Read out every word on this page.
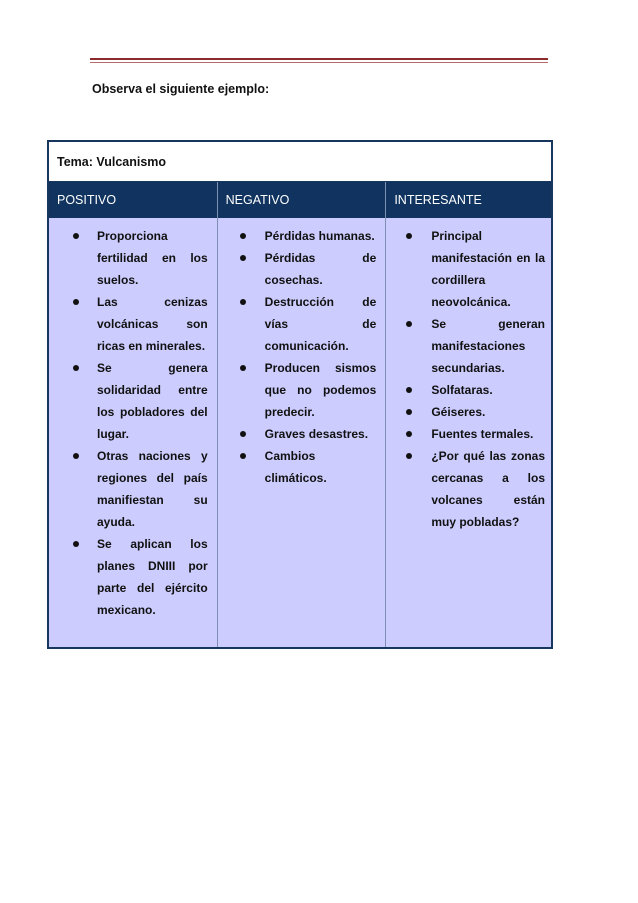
Observa el siguiente ejemplo:
Tema: Vulcanismo
POSITIVO	NEGATIVO	INTERESANTE
Proporciona fertilidad en los suelos.
Las cenizas volcánicas son ricas en minerales.
Se genera solidaridad entre los pobladores del lugar.
Otras naciones y regiones del país manifiestan su ayuda.
Se aplican los planes DNIII por parte del ejército mexicano.
Pérdidas humanas.
Pérdidas de cosechas.
Destrucción de vías de comunicación.
Producen sismos que no podemos predecir.
Graves desastres.
Cambios climáticos.
Principal manifestación en la cordillera neovolcánica.
Se generan manifestaciones secundarias.
Solfataras.
Géiseres.
Fuentes termales.
¿Por qué las zonas cercanas a los volcanes están muy pobladas?
